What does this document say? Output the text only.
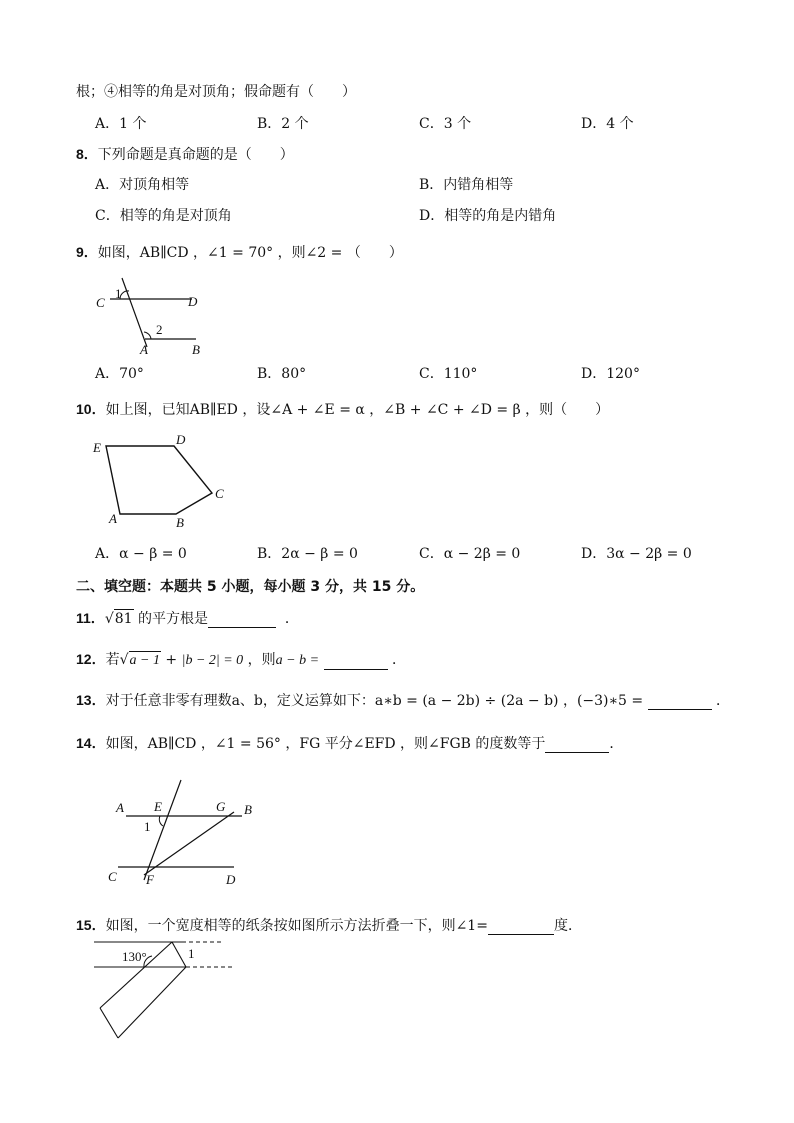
根；④相等的角是对顶角；假命题有（　　）
A．1 个	B．2 个	C．3 个	D．4 个
8．下列命题是真命题的是（　　）
A．对顶角相等	B．内错角相等
C．相等的角是对顶角	D．相等的角是内错角
9．如图，AB∥CD ，∠1 = 70° ，则∠2 = （　　）
C	D
A	B
1
2
A．70°	B．80°	C．110°	D．120°
10．如上图，已知AB∥ED ，设∠A + ∠E = α ，∠B + ∠C + ∠D = β ，则（　　）
E
D
C
A	B
A．α − β = 0	B．2α − β = 0	C．α − 2β = 0	D．3α − 2β = 0
二、填空题：本题共 5 小题，每小题 3 分，共 15 分。
11．√81 的平方根是	．
12．若√a − 1 + |b − 2| = 0 ，则a − b =	．
13．对于任意非零有理数a、b，定义运算如下：a∗b = (a − 2b) ÷ (2a − b) ，(−3)∗5 =	．
14．如图，AB∥CD ，∠1 = 56° ，FG 平分∠EFD ，则∠FGB 的度数等于	．
A E	G B
1
C F	D
15．如图，一个宽度相等的纸条按如图所示方法折叠一下，则∠1=	度．
130°	1
